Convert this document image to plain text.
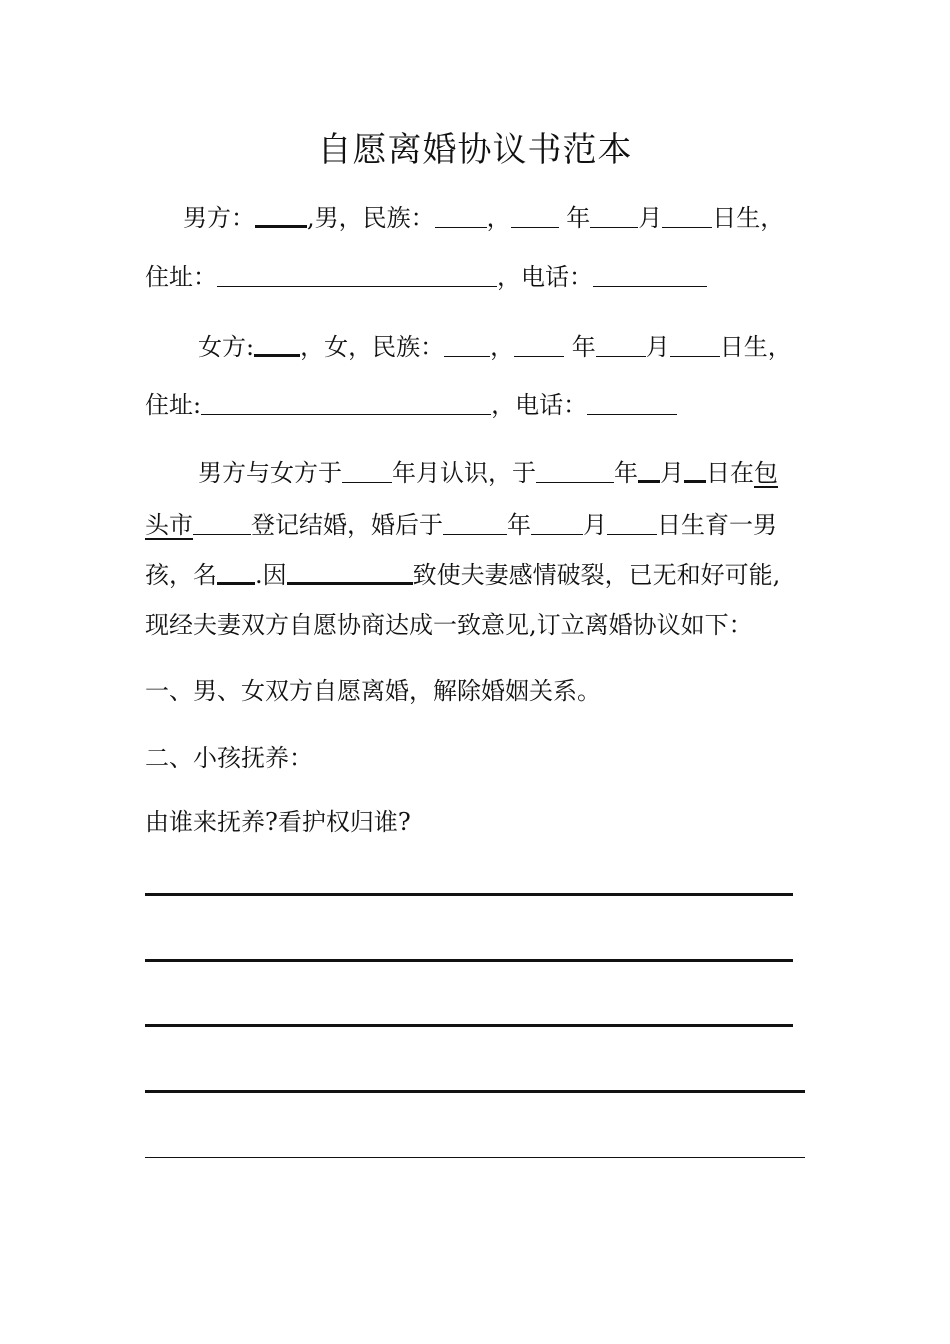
自愿离婚协议书范本
男方： ,男，民族： ， 年 月 日生，
住址：	，电话：
女方: ，女，民族： ， 年 月 日生，
住址:	，电话：
男方与女方于 年月认识，于	年 月 日在包
头市 登记结婚，婚后于	年 月 日生育一男
孩，名 .因	致使夫妻感情破裂，已无和好可能,
现经夫妻双方自愿协商达成一致意见,订立离婚协议如下：
一、男、女双方自愿离婚，解除婚姻关系。
二、小孩抚养：
由谁来抚养?看护权归谁?
